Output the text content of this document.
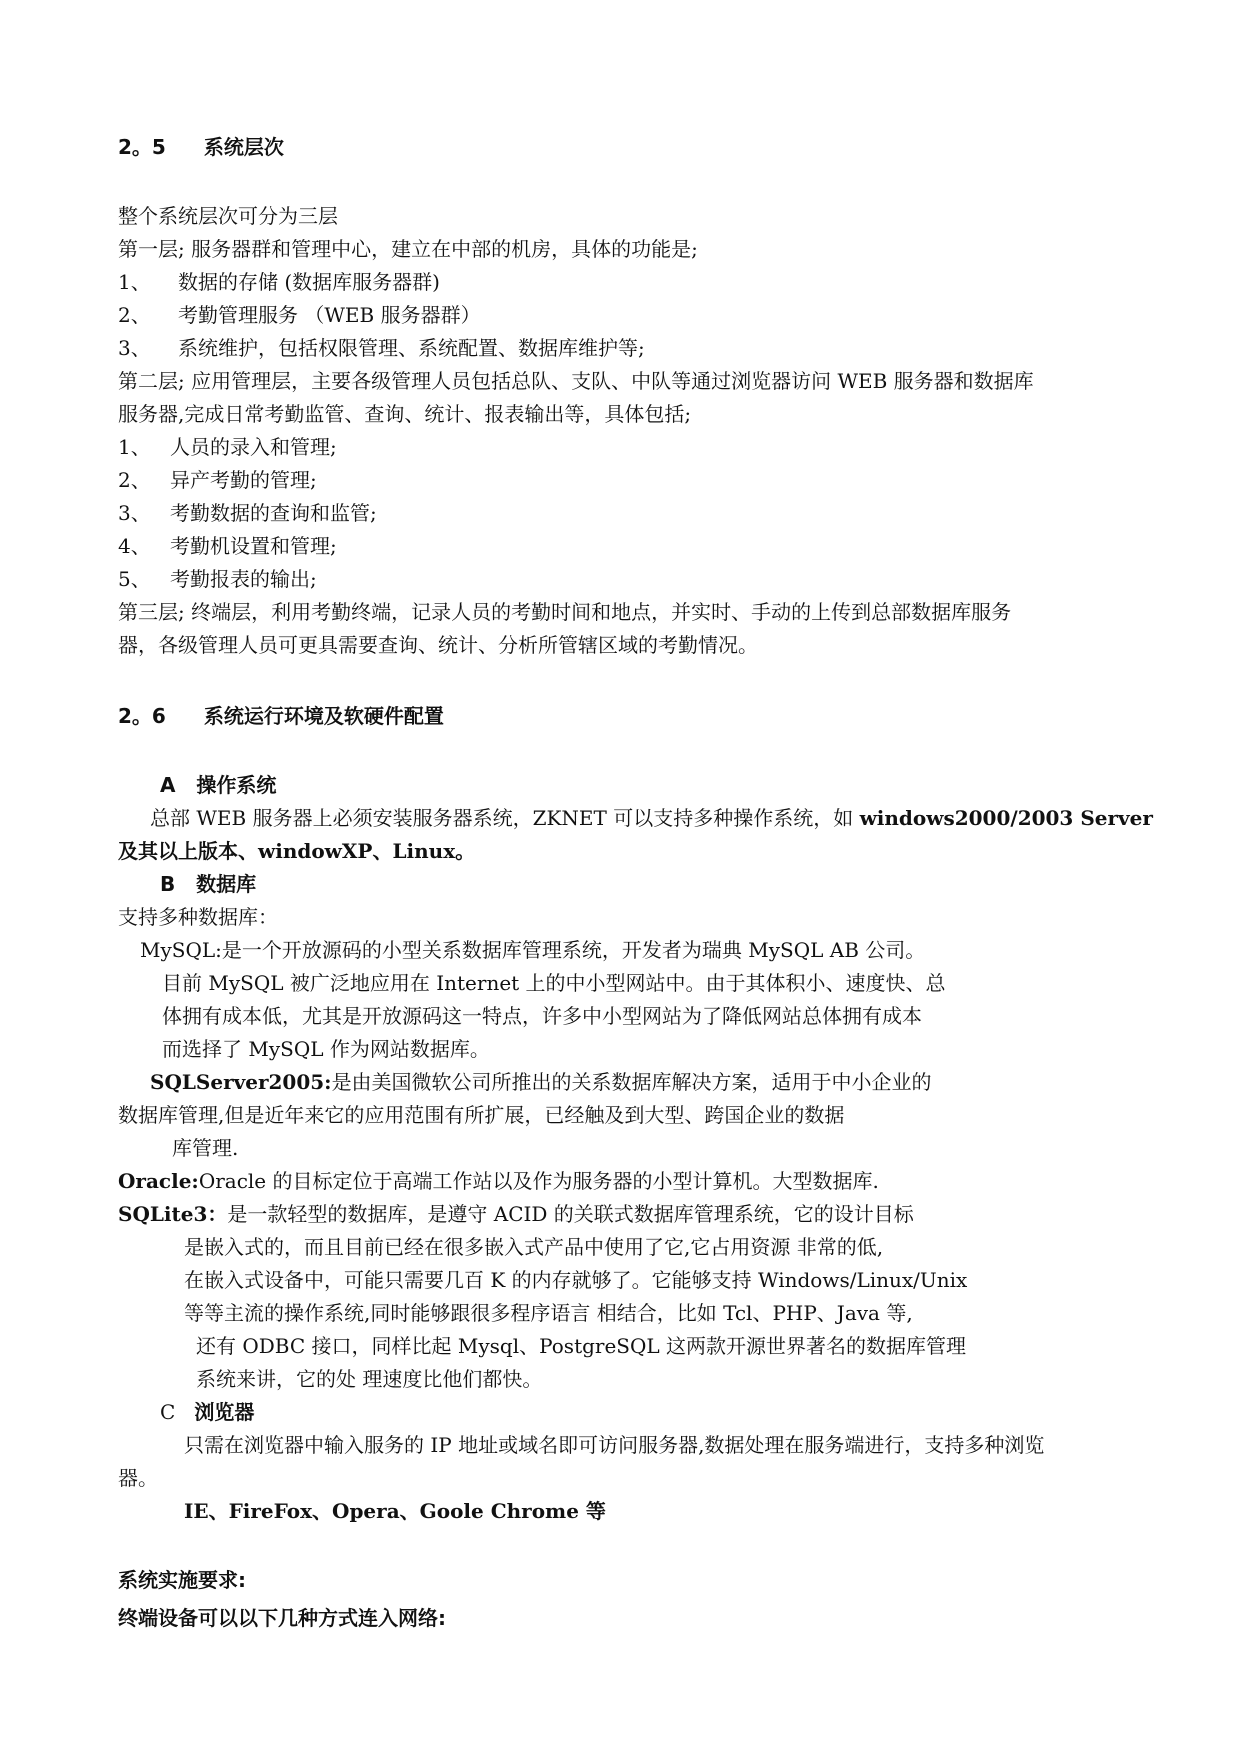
2。5 系统层次
整个系统层次可分为三层
第一层; 服务器群和管理中心，建立在中部的机房，具体的功能是;
1、 数据的存储 (数据库服务器群)
2、 考勤管理服务 （WEB 服务器群）
3、 系统维护，包括权限管理、系统配置、数据库维护等;
第二层; 应用管理层，主要各级管理人员包括总队、支队、中队等通过浏览器访问 WEB 服务器和数据库
服务器,完成日常考勤监管、查询、统计、报表输出等，具体包括;
1、 人员的录入和管理;
2、 异产考勤的管理;
3、 考勤数据的查询和监管;
4、 考勤机设置和管理;
5、 考勤报表的输出;
第三层; 终端层，利用考勤终端，记录人员的考勤时间和地点，并实时、手动的上传到总部数据库服务
器，各级管理人员可更具需要查询、统计、分析所管辖区域的考勤情况。
2。6 系统运行环境及软硬件配置
A 操作系统
总部 WEB 服务器上必须安装服务器系统，ZKNET 可以支持多种操作系统，如 windows2000/2003 Server
及其以上版本、windowXP、Linux。
B 数据库
支持多种数据库：
MySQL:是一个开放源码的小型关系数据库管理系统，开发者为瑞典 MySQL AB 公司。
目前 MySQL 被广泛地应用在 Internet 上的中小型网站中。由于其体积小、速度快、总
体拥有成本低，尤其是开放源码这一特点，许多中小型网站为了降低网站总体拥有成本
而选择了 MySQL 作为网站数据库。
SQLServer2005:是由美国微软公司所推出的关系数据库解决方案，适用于中小企业的
数据库管理,但是近年来它的应用范围有所扩展，已经触及到大型、跨国企业的数据
库管理.
Oracle:Oracle 的目标定位于高端工作站以及作为服务器的小型计算机。大型数据库.
SQLite3：是一款轻型的数据库，是遵守 ACID 的关联式数据库管理系统，它的设计目标
是嵌入式的，而且目前已经在很多嵌入式产品中使用了它,它占用资源 非常的低,
在嵌入式设备中，可能只需要几百 K 的内存就够了。它能够支持 Windows/Linux/Unix
等等主流的操作系统,同时能够跟很多程序语言 相结合，比如 Tcl、PHP、Java 等,
还有 ODBC 接口，同样比起 Mysql、PostgreSQL 这两款开源世界著名的数据库管理
系统来讲，它的处 理速度比他们都快。
C 浏览器
只需在浏览器中输入服务的 IP 地址或域名即可访问服务器,数据处理在服务端进行，支持多种浏览
器。
IE、FireFox、Opera、Goole Chrome 等
系统实施要求:
终端设备可以以下几种方式连入网络:
